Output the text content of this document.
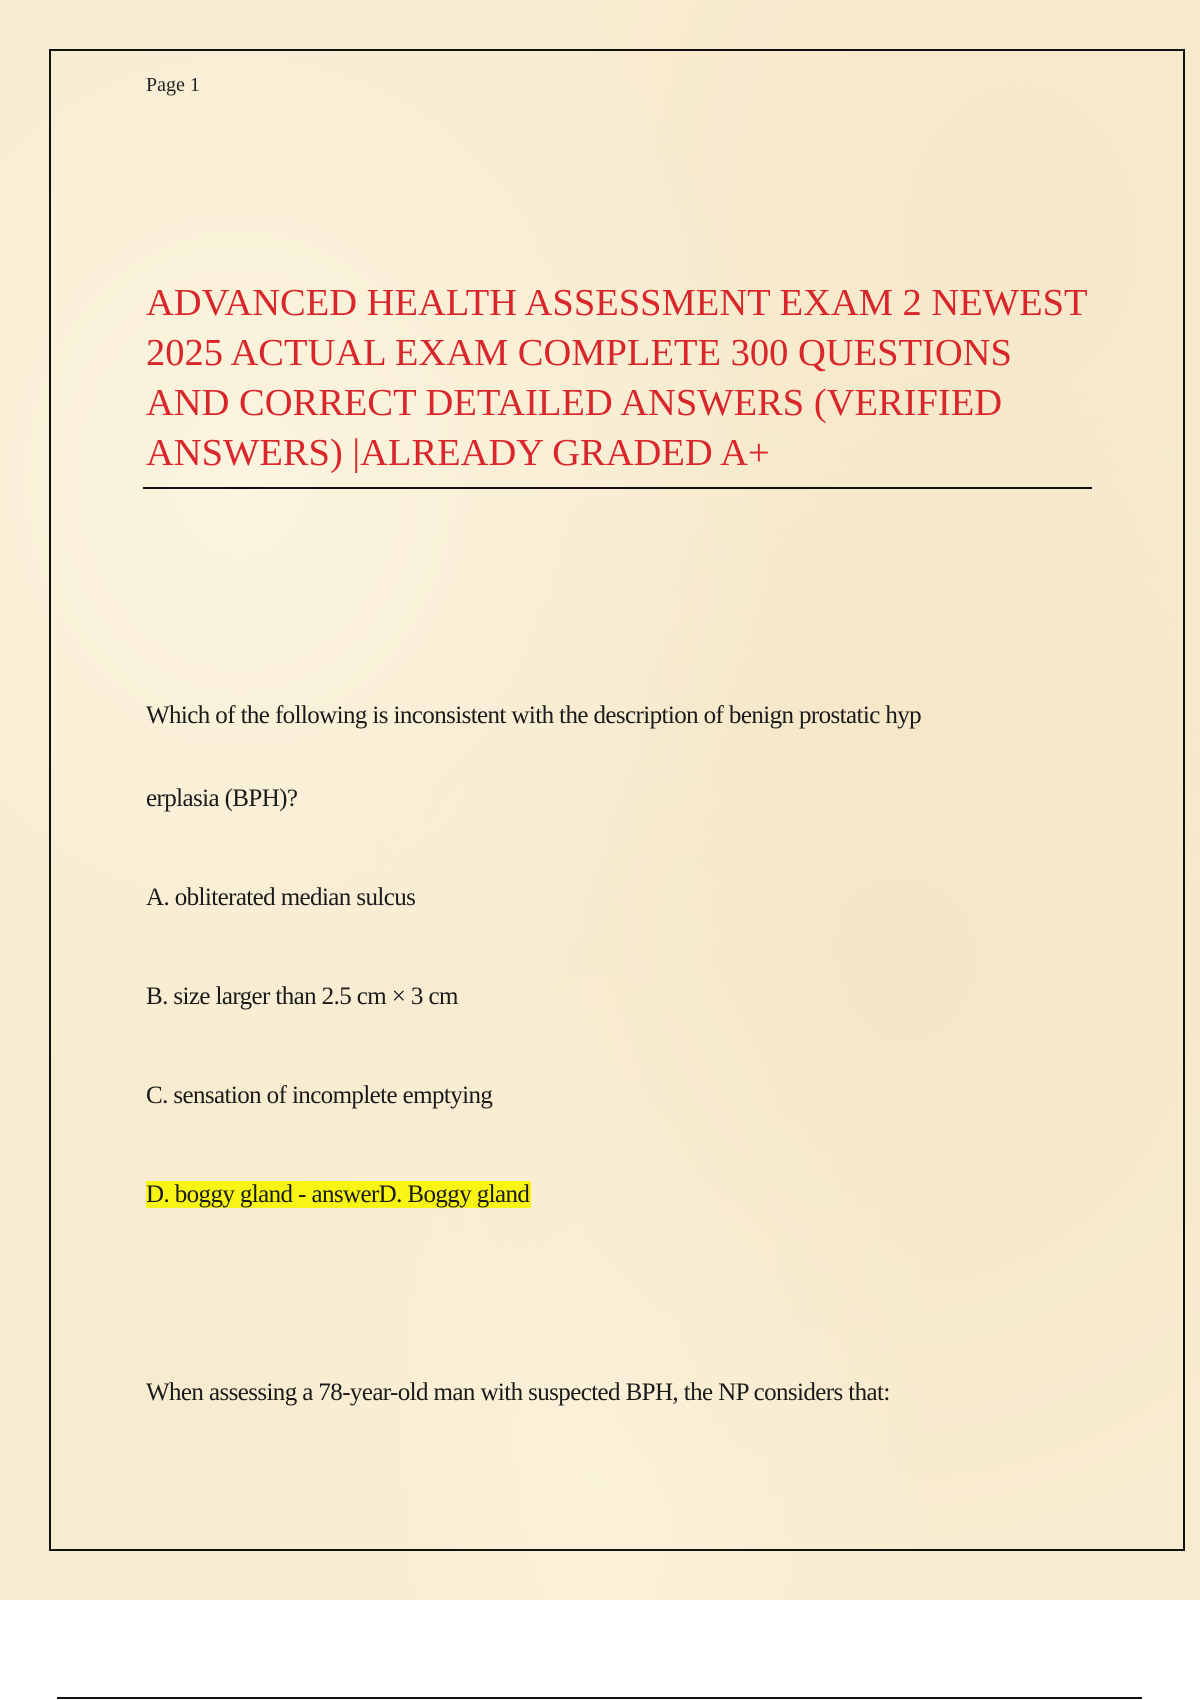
Page 1
ADVANCED HEALTH ASSESSMENT EXAM 2 NEWEST 2025 ACTUAL EXAM COMPLETE 300 QUESTIONS AND CORRECT DETAILED ANSWERS (VERIFIED ANSWERS) |ALREADY GRADED A+

Which of the following is inconsistent with the description of benign prostatic hyp

erplasia (BPH)?

A. obliterated median sulcus

B. size larger than 2.5 cm × 3 cm

C. sensation of incomplete emptying

D. boggy gland - answerD. Boggy gland

When assessing a 78-year-old man with suspected BPH, the NP considers that:
